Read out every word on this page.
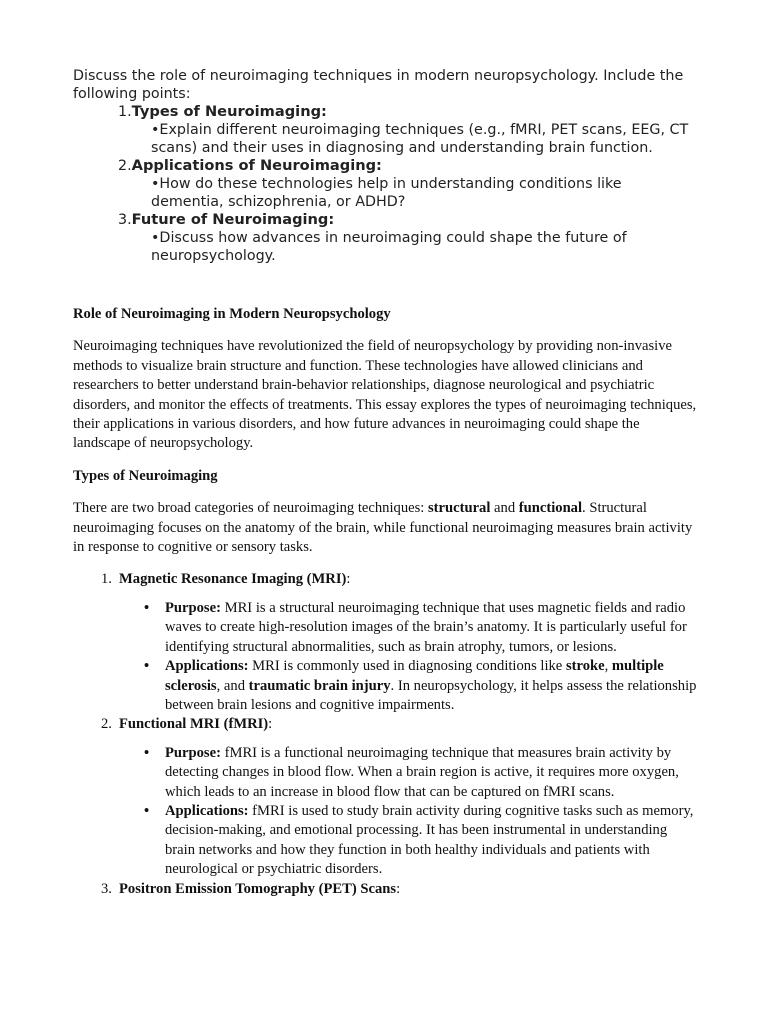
Discuss the role of neuroimaging techniques in modern neuropsychology. Include the following points:

1.Types of Neuroimaging:
•Explain different neuroimaging techniques (e.g., fMRI, PET scans, EEG, CT scans) and their uses in diagnosing and understanding brain function.
2.Applications of Neuroimaging:
•How do these technologies help in understanding conditions like dementia, schizophrenia, or ADHD?
3.Future of Neuroimaging:
•Discuss how advances in neuroimaging could shape the future of neuropsychology.
Role of Neuroimaging in Modern Neuropsychology

Neuroimaging techniques have revolutionized the field of neuropsychology by providing non-invasive methods to visualize brain structure and function. These technologies have allowed clinicians and researchers to better understand brain-behavior relationships, diagnose neurological and psychiatric disorders, and monitor the effects of treatments. This essay explores the types of neuroimaging techniques, their applications in various disorders, and how future advances in neuroimaging could shape the landscape of neuropsychology.

Types of Neuroimaging

There are two broad categories of neuroimaging techniques: structural and functional. Structural neuroimaging focuses on the anatomy of the brain, while functional neuroimaging measures brain activity in response to cognitive or sensory tasks.

1. Magnetic Resonance Imaging (MRI):
• Purpose: MRI is a structural neuroimaging technique that uses magnetic fields and radio waves to create high-resolution images of the brain’s anatomy. It is particularly useful for identifying structural abnormalities, such as brain atrophy, tumors, or lesions.
• Applications: MRI is commonly used in diagnosing conditions like stroke, multiple sclerosis, and traumatic brain injury. In neuropsychology, it helps assess the relationship between brain lesions and cognitive impairments.
2. Functional MRI (fMRI):
• Purpose: fMRI is a functional neuroimaging technique that measures brain activity by detecting changes in blood flow. When a brain region is active, it requires more oxygen, which leads to an increase in blood flow that can be captured on fMRI scans.
• Applications: fMRI is used to study brain activity during cognitive tasks such as memory, decision-making, and emotional processing. It has been instrumental in understanding brain networks and how they function in both healthy individuals and patients with neurological or psychiatric disorders.
3. Positron Emission Tomography (PET) Scans:
